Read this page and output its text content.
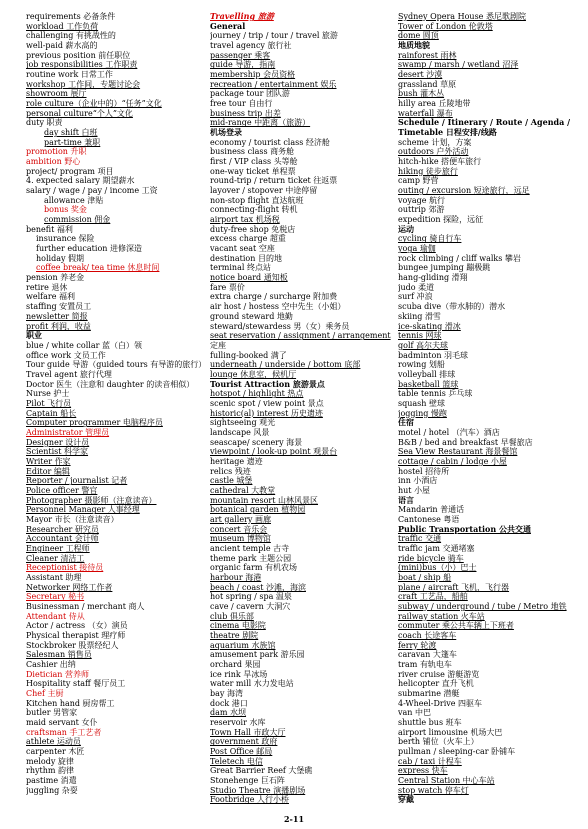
requirements 必备条件
workload 工作负荷
challenging 有挑战性的
well-paid 薪水高的
previous position 前任职位
job responsibilities 工作职责
routine work 日常工作
workshop 工作间，专题讨论会
showroom 展厅
role culture（企业中的）“任务”文化
personal culture“个人”文化
duty 职责
day shift 白班
part-time 兼职
promotion 升职
ambition 野心
project/ program 项目
4. expected salary 期望薪水
salary / wage / pay / income 工资
allowance 津贴
bonus 奖金
commission 佣金
benefit 福利
insurance 保险
further education 进修深造
holiday 假期
coffee break/ tea time 休息时间
pension 养老金
retire 退休
welfare 福利
staffing 安置员工
newsletter 简报
profit 利润，收益
职业
blue / white collar 蓝（白）领
office work 文员工作
Tour guide 导游（guided tours 有导游的旅行）
Travel agent 旅行代理
Doctor 医生（注意和 daughter 的读音相似）
Nurse 护士
Pilot 飞行员
Captain 船长
Computer programmer 电脑程序员
Administrator 管理员
Designer 设计员
Scientist 科学家
Writer 作家
Editor 编辑
Reporter / journalist 记者
Police officer 警官
Photographer 摄影师（注意读音）
Personnel Manager 人事经理
Mayor 市长（注意读音）
Researcher 研究员
Accountant 会计师
Engineer 工程师
Cleaner 清洁工
Receptionist 接待员
Assistant 助理
Networker 网络工作者
Secretary 秘书
Businessman / merchant 商人
Attendant 侍从
Actor / actress （女）演员
Physical therapist 理疗师
Stockbroker 股票经纪人
Salesman 销售员
Cashier 出纳
Dietician 营养师
Hospitality staff 餐厅员工
Chef 主厨
Kitchen hand 厨房帮工
butler 男管家
maid servant 女仆
craftsman 手工艺者
athlete 运动员
carpenter 木匠
melody 旋律
rhythm 韵律
pastime 消遣
juggling 杂耍
Travelling 旅游
General
journey / trip / tour / travel 旅游
travel agency 旅行社
passenger 乘客
guide 导游，指南
membership 会员资格
recreation / entertainment 娱乐
package tour 团队游
free tour 自由行
business trip 出差
mid-range 中距离（旅游）
机场登录
economy / tourist class 经济舱
business class 商务舱
first / VIP class 头等舱
one-way ticket 单程票
round-trip / return ticket 往返票
layover / stopover 中途停留
non-stop flight 直达航班
connecting-flight 转机
airport tax 机场税
duty-free shop 免税店
excess charge 超重
vacant seat 空座
destination 目的地
terminal 终点站
notice board 通知板
fare 票价
extra charge / surcharge 附加费
air host / hostess 空中先生（小姐）
ground steward 地勤
steward/stewardess 男（女）乘务员
seat reservation / assignment / arrangement
定座
fulling-booked 满了
underneath / underside / bottom 底部
lounge 休息室，候机厅
Tourist Attraction 旅游景点
hotspot / highlight 热点
scenic spot / view point 景点
historic(al) interest 历史遗迹
sightseeing 观光
landscape 风景
seascape/ scenery 海景
viewpoint / look-up point 观景台
heritage 遗迹
relics 残迹
castle 城堡
cathedral 大教堂
mountain resort 山林风景区
botanical garden 植物园
art gallery 画廊
concert 音乐会
museum 博物馆
ancient temple 古寺
theme park 主题公园
organic farm 有机农场
harbour 海港
beach / coast 沙滩，海滨
hot spring / spa 温泉
cave / cavern 大洞穴
club 俱乐部
cinema 电影院
theatre 剧院
aquarium 水族馆
amusement park 游乐园
orchard 果园
ice rink 旱冰场
water mill 水力发电站
bay 海湾
dock 港口
dam 水坝
reservoir 水库
Town Hall 市政大厅
government 政府
Post Office 邮局
Teletech 电信
Great Barrier Reef 大堡礁
Stonehenge 巨石阵
Studio Theatre 演播剧场
Footbridge 人行小桥
Sydney Opera House 悉尼歌剧院
Tower of London 伦敦塔
dome 圆顶
地质地貌
rainforest 雨林
swamp / marsh / wetland 沼泽
desert 沙漠
grassland 草原
bush 灌木丛
hilly area 丘陵地带
waterfall 瀑布
Schedule / Itinerary / Route / Agenda /
Timetable 日程安排/线路
scheme 计划，方案
outdoors 户外活动
hitch-hike 搭便车旅行
hiking 徒步旅行
camp 野营
outing / excursion 短途旅行，远足
voyage 航行
outtrip 郊游
expedition 探险，远征
运动
cycling 骑自行车
yoga 瑜伽
rock climbing / cliff walks 攀岩
bungee jumping 蹦极跳
hang-gliding 滑翔
judo 柔道
surf 冲浪
scuba dive（带水肺的）潜水
skiing 滑雪
ice-skating 滑冰
tennis 网球
golf 高尔夫球
badminton 羽毛球
rowing 划船
volleyball 排球
basketball 篮球
table tennis 乒乓球
squash 壁球
jogging 慢跑
住宿
motel / hotel （汽车）酒店
B&B / bed and breakfast 早餐旅店
Sea View Restaurant 海景餐馆
cottage / cabin / lodge 小屋
hostel 招待所
inn 小酒店
hut 小屋
语言
Mandarin 普通话
Cantonese 粤语
Public Transportation 公共交通
traffic 交通
traffic jam 交通堵塞
ride bicycle 骑车
(mini)bus（小）巴士
boat / ship 船
plane / aircraft 飞机，飞行器
craft 工艺品，船舶
subway / underground / tube / Metro 地铁
railway station 火车站
commuter 乘公共车辆上下班者
coach 长途客车
ferry 轮渡
caravan 大篷车
tram 有轨电车
river cruise 游艇游览
helicopter 直升飞机
submarine 潜艇
4-Wheel-Drive 四驱车
van 中巴
shuttle bus 班车
airport limousine 机场大巴
berth 铺位（火车上）
pullman / sleeping-car 卧铺车
cab / taxi 计程车
express 快车
Central Station 中心车站
stop watch 停车灯
穿戴
2-11
